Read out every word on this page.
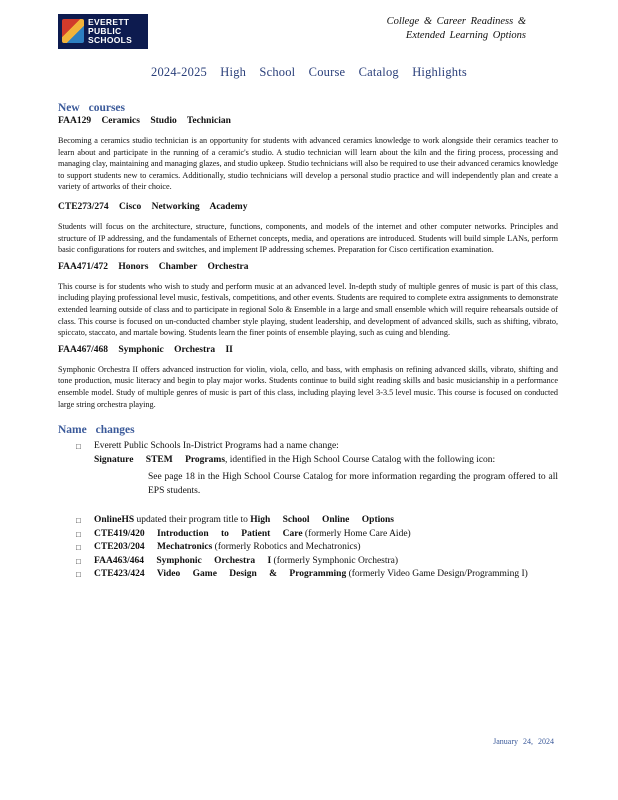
EVERETT
PUBLIC
SCHOOLS
College & Career Readiness &
Extended Learning Options
2024-2025 High School Course Catalog Highlights
New courses
FAA129 Ceramics Studio Technician

Becoming a ceramics studio technician is an opportunity for students with advanced ceramics knowledge to work alongside their ceramics teacher to learn about and participate in the running of a ceramic's studio. A studio technician will learn about the kiln and the firing process, processing and managing clay, maintaining and managing glazes, and studio upkeep. Studio technicians will also be required to use their advanced ceramics knowledge to support students new to ceramics. Additionally, studio technicians will develop a personal studio practice and will independently plan and create a variety of artworks of their choice.

CTE273/274 Cisco Networking Academy

Students will focus on the architecture, structure, functions, components, and models of the internet and other computer networks. Principles and structure of IP addressing, and the fundamentals of Ethernet concepts, media, and operations are introduced. Students will build simple LANs, perform basic configurations for routers and switches, and implement IP addressing schemes. Preparation for Cisco certification examination.

FAA471/472 Honors Chamber Orchestra

This course is for students who wish to study and perform music at an advanced level. In-depth study of multiple genres of music is part of this class, including playing professional level music, festivals, competitions, and other events. Students are required to complete extra assignments to demonstrate extended learning outside of class and to participate in regional Solo & Ensemble in a large and small ensemble which will require rehearsals outside of class. This course is focused on un-conducted chamber style playing, student leadership, and development of advanced skills, such as shifting, vibrato, spiccato, staccato, and martale bowing. Students learn the finer points of ensemble playing, such as cuing and blending.

FAA467/468 Symphonic Orchestra II

Symphonic Orchestra II offers advanced instruction for violin, viola, cello, and bass, with emphasis on refining advanced skills, vibrato, shifting and tone production, music literacy and begin to play major works. Students continue to build sight reading skills and basic musicianship in a performance ensemble model. Study of multiple genres of music is part of this class, including playing level 3-3.5 level music. This course is focused on conducted large string orchestra playing.

Name changes
□ Everett Public Schools In-District Programs had a name change:
Signature STEM Programs, identified in the High School Course Catalog with the following icon:

See page 18 in the High School Course Catalog for more information regarding the program offered to all EPS students.

□ OnlineHS updated their program title to High School Online Options
□ CTE419/420 Introduction to Patient Care (formerly Home Care Aide)
□ CTE203/204 Mechatronics (formerly Robotics and Mechatronics)
□ FAA463/464 Symphonic Orchestra I (formerly Symphonic Orchestra)
□ CTE423/424 Video Game Design & Programming (formerly Video Game Design/Programming I)
January 24, 2024
